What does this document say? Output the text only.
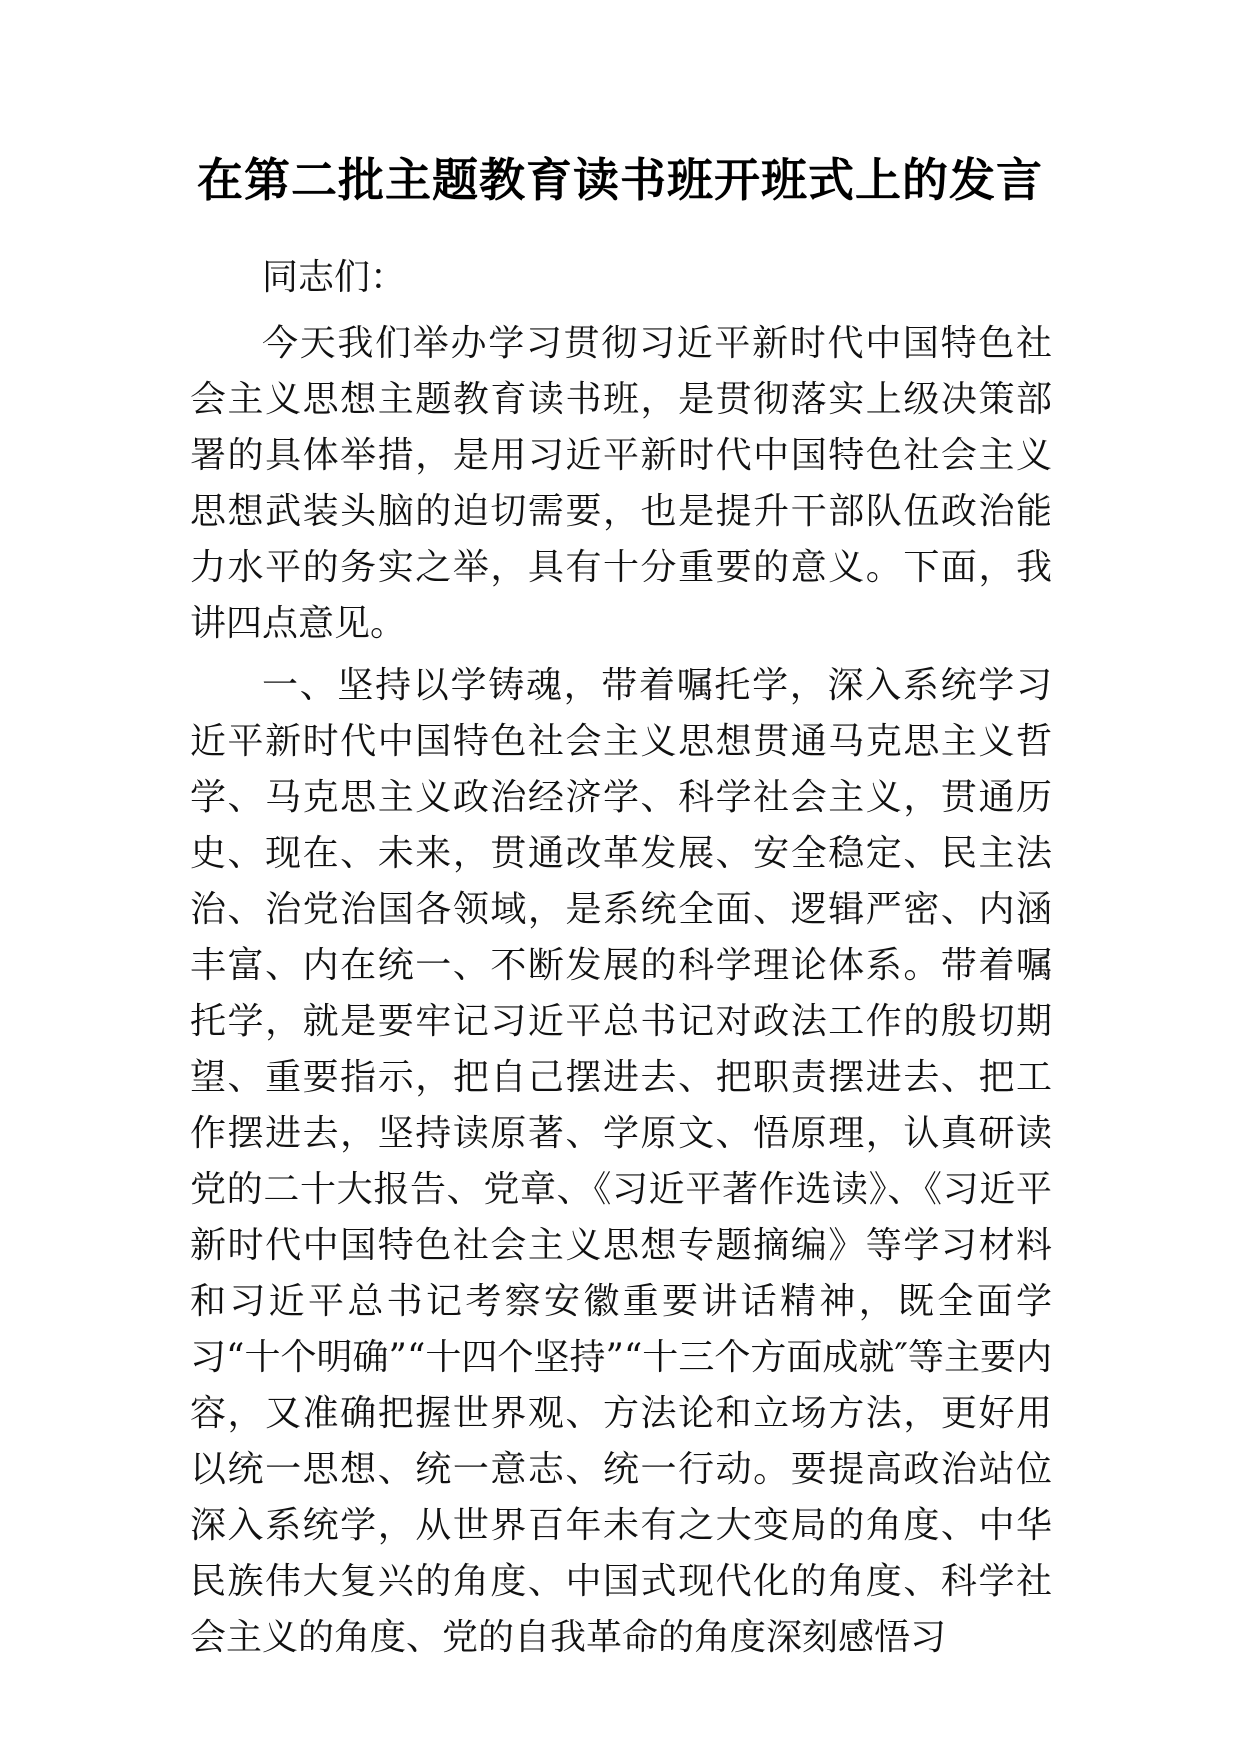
在第二批主题教育读书班开班式上的发言

同志们：

今天我们举办学习贯彻习近平新时代中国特色社会主义思想主题教育读书班，是贯彻落实上级决策部署的具体举措，是用习近平新时代中国特色社会主义思想武装头脑的迫切需要，也是提升干部队伍政治能力水平的务实之举，具有十分重要的意义。下面，我讲四点意见。

一、坚持以学铸魂，带着嘱托学，深入系统学习近平新时代中国特色社会主义思想贯通马克思主义哲学、马克思主义政治经济学、科学社会主义，贯通历史、现在、未来，贯通改革发展、安全稳定、民主法治、治党治国各领域，是系统全面、逻辑严密、内涵丰富、内在统一、不断发展的科学理论体系。带着嘱托学，就是要牢记习近平总书记对政法工作的殷切期望、重要指示，把自己摆进去、把职责摆进去、把工作摆进去，坚持读原著、学原文、悟原理，认真研读党的二十大报告、党章、《习近平著作选读》、《习近平新时代中国特色社会主义思想专题摘编》等学习材料和习近平总书记考察安徽重要讲话精神，既全面学习“十个明确”“十四个坚持”“十三个方面成就″等主要内容，又准确把握世界观、方法论和立场方法，更好用以统一思想、统一意志、统一行动。要提高政治站位深入系统学，从世界百年未有之大变局的角度、中华民族伟大复兴的角度、中国式现代化的角度、科学社会主义的角度、党的自我革命的角度深刻感悟习
